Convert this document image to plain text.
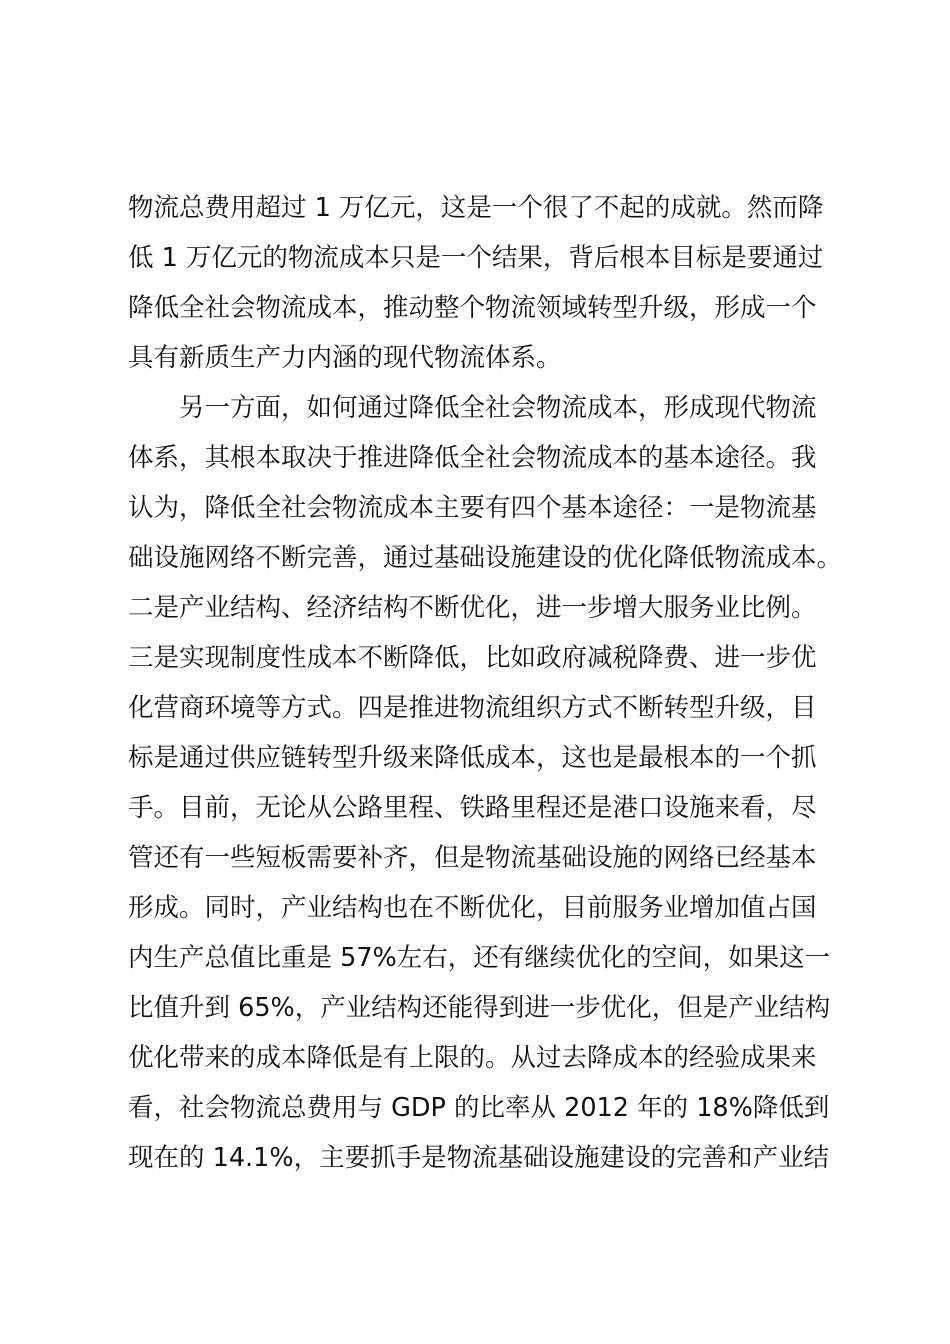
物流总费用超过 1 万亿元，这是一个很了不起的成就。然而降
低 1 万亿元的物流成本只是一个结果，背后根本目标是要通过
降低全社会物流成本，推动整个物流领域转型升级，形成一个
具有新质生产力内涵的现代物流体系。
　　另一方面，如何通过降低全社会物流成本，形成现代物流
体系，其根本取决于推进降低全社会物流成本的基本途径。我
认为，降低全社会物流成本主要有四个基本途径：一是物流基
础设施网络不断完善，通过基础设施建设的优化降低物流成本。
二是产业结构、经济结构不断优化，进一步增大服务业比例。
三是实现制度性成本不断降低，比如政府减税降费、进一步优
化营商环境等方式。四是推进物流组织方式不断转型升级，目
标是通过供应链转型升级来降低成本，这也是最根本的一个抓
手。目前，无论从公路里程、铁路里程还是港口设施来看，尽
管还有一些短板需要补齐，但是物流基础设施的网络已经基本
形成。同时，产业结构也在不断优化，目前服务业增加值占国
内生产总值比重是 57%左右，还有继续优化的空间，如果这一
比值升到 65%，产业结构还能得到进一步优化，但是产业结构
优化带来的成本降低是有上限的。从过去降成本的经验成果来
看，社会物流总费用与 GDP 的比率从 2012 年的 18%降低到
现在的 14.1%，主要抓手是物流基础设施建设的完善和产业结
